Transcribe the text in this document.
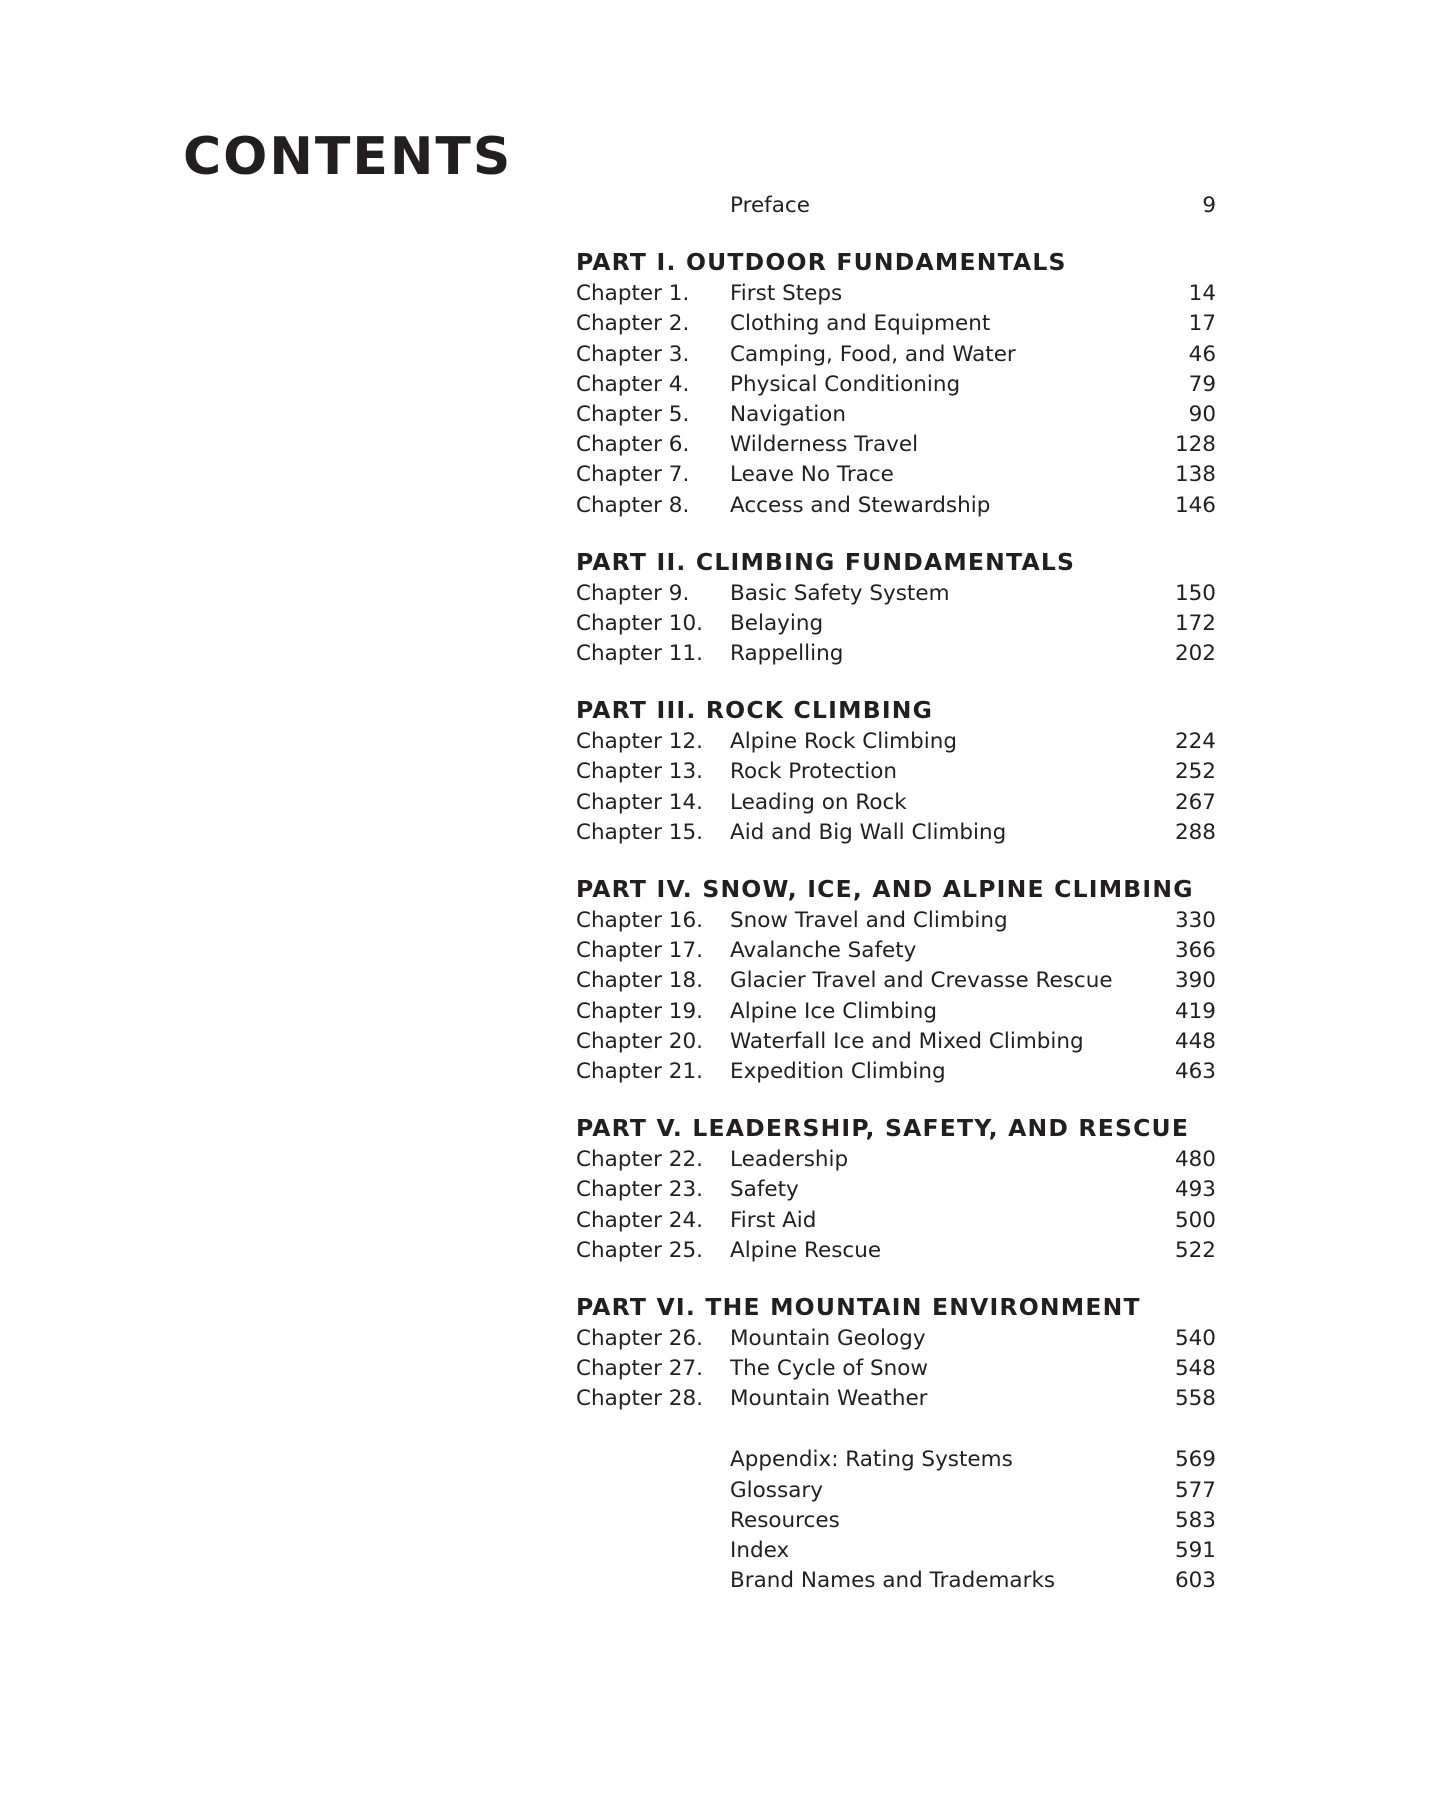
CONTENTS
Preface	9
PART I. OUTDOOR FUNDAMENTALS
Chapter 1. First Steps	14
Chapter 2. Clothing and Equipment	17
Chapter 3. Camping, Food, and Water	46
Chapter 4. Physical Conditioning	79
Chapter 5. Navigation	90
Chapter 6. Wilderness Travel	128
Chapter 7. Leave No Trace	138
Chapter 8. Access and Stewardship	146
PART II. CLIMBING FUNDAMENTALS
Chapter 9. Basic Safety System	150
Chapter 10. Belaying	172
Chapter 11. Rappelling	202
PART III. ROCK CLIMBING
Chapter 12. Alpine Rock Climbing	224
Chapter 13. Rock Protection	252
Chapter 14. Leading on Rock	267
Chapter 15. Aid and Big Wall Climbing	288
PART IV. SNOW, ICE, AND ALPINE CLIMBING
Chapter 16. Snow Travel and Climbing	330
Chapter 17. Avalanche Safety	366
Chapter 18. Glacier Travel and Crevasse Rescue	390
Chapter 19. Alpine Ice Climbing	419
Chapter 20. Waterfall Ice and Mixed Climbing	448
Chapter 21. Expedition Climbing	463
PART V. LEADERSHIP, SAFETY, AND RESCUE
Chapter 22. Leadership	480
Chapter 23. Safety	493
Chapter 24. First Aid	500
Chapter 25. Alpine Rescue	522
PART VI. THE MOUNTAIN ENVIRONMENT
Chapter 26. Mountain Geology	540
Chapter 27. The Cycle of Snow	548
Chapter 28. Mountain Weather	558
Appendix: Rating Systems	569
Glossary	577
Resources	583
Index	591
Brand Names and Trademarks	603
